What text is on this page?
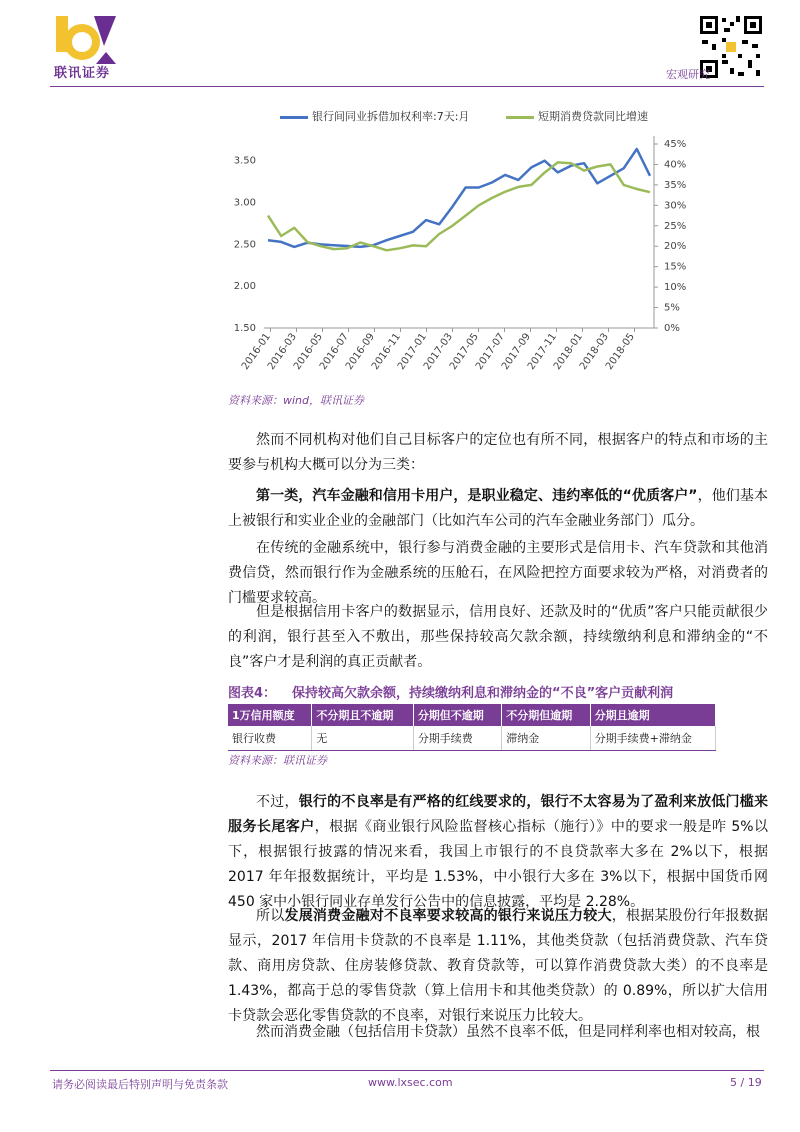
联讯证券	宏观研究
银行间同业拆借加权利率:7天:月	短期消费贷款同比增速
1.50
2.00
2.50
3.00
3.50
0%
5%
10%
15%
20%
25%
30%
35%
40%
45%
2016-01
2016-03
2016-05
2016-07
2016-09
2016-11
2017-01
2017-03
2017-05
2017-07
2017-09
2017-11
2018-01
2018-03
2018-05
资料来源：wind，联讯证券
然而不同机构对他们自己目标客户的定位也有所不同，根据客户的特点和市场的主要参与机构大概可以分为三类：
第一类，汽车金融和信用卡用户，是职业稳定、违约率低的“优质客户”，他们基本上被银行和实业企业的金融部门（比如汽车公司的汽车金融业务部门）瓜分。
在传统的金融系统中，银行参与消费金融的主要形式是信用卡、汽车贷款和其他消费信贷，然而银行作为金融系统的压舱石，在风险把控方面要求较为严格，对消费者的门槛要求较高。
但是根据信用卡客户的数据显示，信用良好、还款及时的“优质”客户只能贡献很少的利润，银行甚至入不敷出，那些保持较高欠款余额，持续缴纳利息和滞纳金的“不良”客户才是利润的真正贡献者。
图表4： 保持较高欠款余额，持续缴纳利息和滞纳金的“不良”客户贡献利润
1万信用额度	不分期且不逾期	分期但不逾期	不分期但逾期	分期且逾期
银行收费	无	分期手续费	滞纳金	分期手续费+滞纳金
资料来源：联讯证券
不过，银行的不良率是有严格的红线要求的，银行不太容易为了盈利来放低门槛来服务长尾客户，根据《商业银行风险监督核心指标（施行）》中的要求一般是咋 5%以下，根据银行披露的情况来看，我国上市银行的不良贷款率大多在 2%以下，根据 2017 年年报数据统计，平均是 1.53%，中小银行大多在 3%以下，根据中国货币网 450 家中小银行同业存单发行公告中的信息披露，平均是 2.28%。
所以发展消费金融对不良率要求较高的银行来说压力较大，根据某股份行年报数据显示，2017 年信用卡贷款的不良率是 1.11%，其他类贷款（包括消费贷款、汽车贷款、商用房贷款、住房装修贷款、教育贷款等，可以算作消费贷款大类）的不良率是 1.43%，都高于总的零售贷款（算上信用卡和其他类贷款）的 0.89%，所以扩大信用卡贷款会恶化零售贷款的不良率，对银行来说压力比较大。
然而消费金融（包括信用卡贷款）虽然不良率不低，但是同样利率也相对较高，根
请务必阅读最后特别声明与免责条款	www.lxsec.com	5 / 19
